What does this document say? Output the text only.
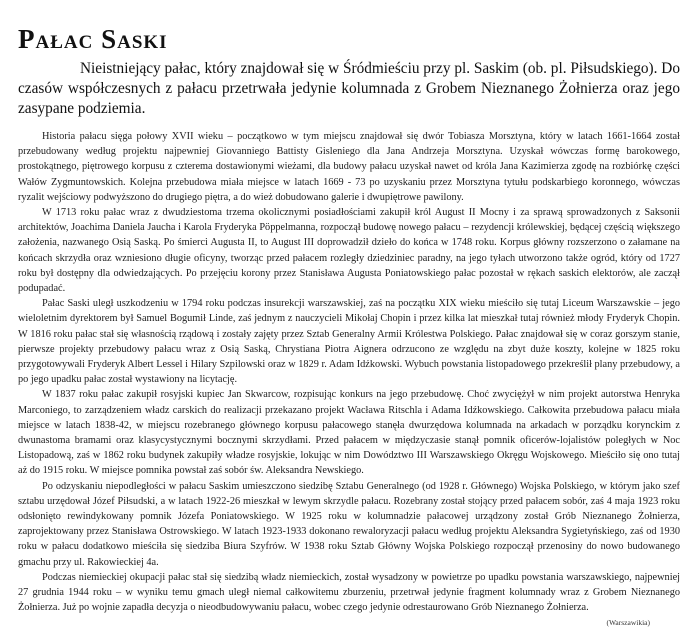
Pałac Saski

Nieistniejący pałac, który znajdował się w Śródmieściu przy pl. Saskim (ob. pl. Piłsudskiego). Do czasów współczesnych z pałacu przetrwała jedynie kolumnada z Grobem Nieznanego Żołnierza oraz jego zasypane podziemia.

Historia pałacu sięga połowy XVII wieku – początkowo w tym miejscu znajdował się dwór Tobiasza Morsztyna, który w latach 1661-1664 został przebudowany według projektu najpewniej Giovanniego Battisty Gisleniego dla Jana Andrzeja Morsztyna. Uzyskał wówczas formę barokowego, prostokątnego, piętrowego korpusu z czterema dostawionymi wieżami, dla budowy pałacu uzyskał nawet od króla Jana Kazimierza zgodę na rozbiórkę części Wałów Zygmuntowskich. Kolejna przebudowa miała miejsce w latach 1669 - 73 po uzyskaniu przez Morsztyna tytułu podskarbiego koronnego, wówczas ryzalit wejściowy podwyższono do drugiego piętra, a do wież dobudowano galerie i dwupiętrowe pawilony.

W 1713 roku pałac wraz z dwudziestoma trzema okolicznymi posiadłościami zakupił król August II Mocny i za sprawą sprowadzonych z Saksonii architektów, Joachima Daniela Jaucha i Karola Fryderyka Pöppelmanna, rozpoczął budowę nowego pałacu – rezydencji królewskiej, będącej częścią większego założenia, nazwanego Osią Saską. Po śmierci Augusta II, to August III doprowadził dzieło do końca w 1748 roku. Korpus główny rozszerzono o załamane na końcach skrzydła oraz wzniesiono długie oficyny, tworząc przed pałacem rozległy dziedziniec paradny, na jego tyłach utworzono także ogród, który od 1727 roku był dostępny dla odwiedzających. Po przejęciu korony przez Stanisława Augusta Poniatowskiego pałac pozostał w rękach saskich elektorów, ale zaczął podupadać.

Pałac Saski uległ uszkodzeniu w 1794 roku podczas insurekcji warszawskiej, zaś na początku XIX wieku mieściło się tutaj Liceum Warszawskie – jego wieloletnim dyrektorem był Samuel Bogumił Linde, zaś jednym z nauczycieli Mikołaj Chopin i przez kilka lat mieszkał tutaj również młody Fryderyk Chopin. W 1816 roku pałac stał się własnością rządową i zostały zajęty przez Sztab Generalny Armii Królestwa Polskiego. Pałac znajdował się w coraz gorszym stanie, pierwsze projekty przebudowy pałacu wraz z Osią Saską, Chrystiana Piotra Aignera odrzucono ze względu na zbyt duże koszty, kolejne w 1825 roku przygotowywali Fryderyk Albert Lessel i Hilary Szpilowski oraz w 1829 r. Adam Idźkowski. Wybuch powstania listopadowego przekreślił plany przebudowy, a po jego upadku pałac został wystawiony na licytację.

W 1837 roku pałac zakupił rosyjski kupiec Jan Skwarcow, rozpisując konkurs na jego przebudowę. Choć zwyciężył w nim projekt autorstwa Henryka Marconiego, to zarządzeniem władz carskich do realizacji przekazano projekt Wacława Ritschla i Adama Idźkowskiego. Całkowita przebudowa pałacu miała miejsce w latach 1838-42, w miejscu rozebranego głównego korpusu pałacowego stanęła dwurzędowa kolumnada na arkadach w porządku korynckim z dwunastoma bramami oraz klasycystycznymi bocznymi skrzydłami. Przed pałacem w międzyczasie stanął pomnik oficerów-lojalistów poległych w Noc Listopadową, zaś w 1862 roku budynek zakupiły władze rosyjskie, lokując w nim Dowództwo III Warszawskiego Okręgu Wojskowego. Mieściło się ono tutaj aż do 1915 roku. W miejsce pomnika powstał zaś sobór św. Aleksandra Newskiego.

Po odzyskaniu niepodległości w pałacu Saskim umieszczono siedzibę Sztabu Generalnego (od 1928 r. Głównego) Wojska Polskiego, w którym jako szef sztabu urzędował Józef Piłsudski, a w latach 1922-26 mieszkał w lewym skrzydle pałacu. Rozebrany został stojący przed pałacem sobór, zaś 4 maja 1923 roku odsłonięto rewindykowany pomnik Józefa Poniatowskiego. W 1925 roku w kolumnadzie pałacowej urządzony został Grób Nieznanego Żołnierza, zaprojektowany przez Stanisława Ostrowskiego. W latach 1923-1933 dokonano rewaloryzacji pałacu według projektu Aleksandra Sygietyńskiego, zaś od 1930 roku w pałacu dodatkowo mieściła się siedziba Biura Szyfrów. W 1938 roku Sztab Główny Wojska Polskiego rozpoczął przenosiny do nowo budowanego gmachu przy ul. Rakowieckiej 4a.

Podczas niemieckiej okupacji pałac stał się siedzibą władz niemieckich, został wysadzony w powietrze po upadku powstania warszawskiego, najpewniej 27 grudnia 1944 roku – w wyniku temu gmach uległ niemal całkowitemu zburzeniu, przetrwał jedynie fragment kolumnady wraz z Grobem Nieznanego Żołnierza. Już po wojnie zapadła decyzja o nieodbudowywaniu pałacu, wobec czego jedynie odrestaurowano Grób Nieznanego Żołnierza.

(Warszawikia)
